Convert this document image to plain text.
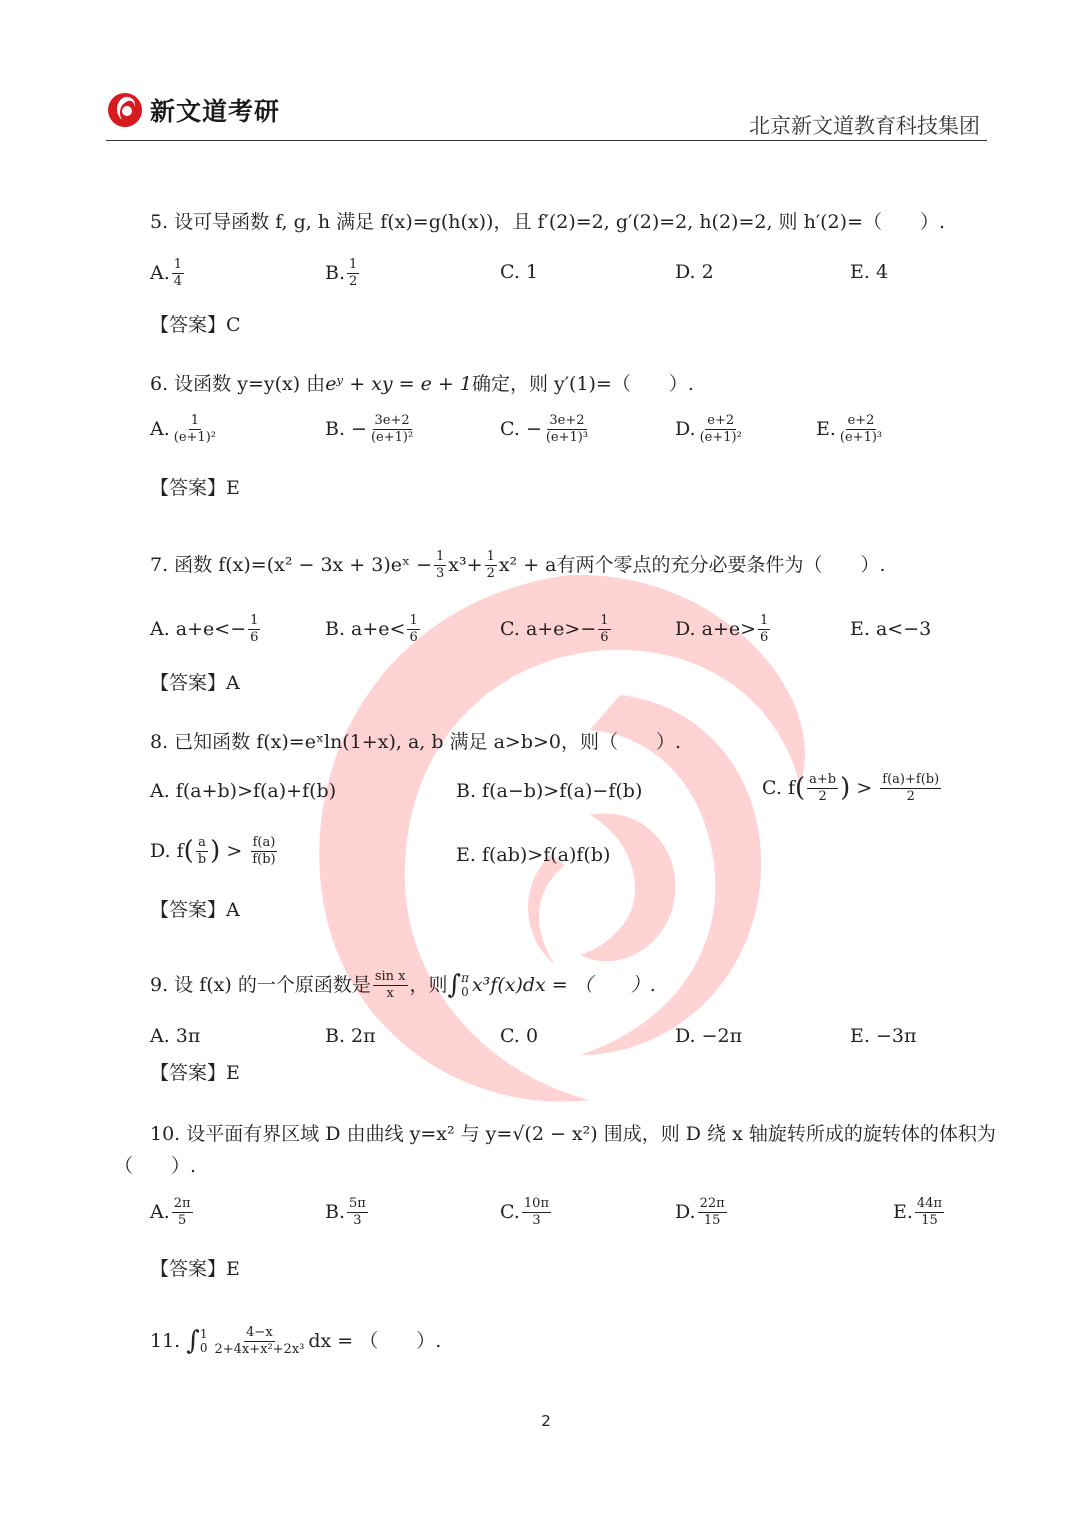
新文道考研	北京新文道教育科技集团
5. 设可导函数 f, g, h 满足 f(x)=g(h(x))，且 f′(2)=2, g′(2)=2, h(2)=2, 则 h′(2)=（　　）.
A. $\frac{1}{4}$	B. $\frac{1}{2}$	C. 1	D. 2	E. 4
【答案】C
6. 设函数 y=y(x) 由eʸ + xy = e + 1确定，则 y′(1)=（　　）.
A. $\frac{1}{\text{(e+1)²}}$	B. − $\frac{3e+2}{\text{(e+1)²}}$	C. − $\frac{3e+2}{\text{(e+1)³}}$	D. $\frac{e+2}{\text{(e+1)²}}$	E. $\frac{e+2}{\text{(e+1)³}}$
【答案】E
7. 函数 f(x)=(x² − 3x + 3)eˣ − $\frac{1}{3} x^3+ \frac{1}{2} x^2 + a$ 有两个零点的充分必要条件为（　　）.
A. $a+e<- \frac{1}{6}$	B. $a+e< \frac{1}{6}$	C. $a+e>- \frac{1}{6}$	D. $a+e> \frac{1}{6}$	E. a<−3
【答案】A
8. 已知函数 f(x)=eˣln(1+x), a, b 满足 a>b>0，则（　　）.
A. f(a+b)>f(a)+f(b)	B. f(a−b)>f(a)−f(b)	C. f ( $\frac{a+b}{2}$ )
>
$\frac{f(a)+f(b)}{2}$
D. f ( $\frac{a}{b}$ )
>
$\frac{f(a)}{f(b)}$	E. f(ab)>f(a)f(b)
【答案】A
9. 设 f(x) 的一个原函数是 $\frac{\text{sin x}}{x}$ ，则 ∫ π
0 x³f(x)dx = （　　）.
A. 3π	B. 2π	C. 0	D. −2π	E. −3π
【答案】E
10. 设平面有界区域 D 由曲线 y=x² 与 y=√(2 − x²) 围成，则 D 绕 x 轴旋转所成的旋转体的体积为
（　　）.
A. $\frac{2\pi}{5}$	B. $\frac{5\pi}{3}$	C. $\frac{10\pi}{3}$	D. $\frac{22\pi}{15}$	E. $\frac{44\pi}{15}$
【答案】E
11.
∫ 1
$0 \frac{4-x}{\text{2+4x+x²+2x³}}$ dx = （　　）.
2
